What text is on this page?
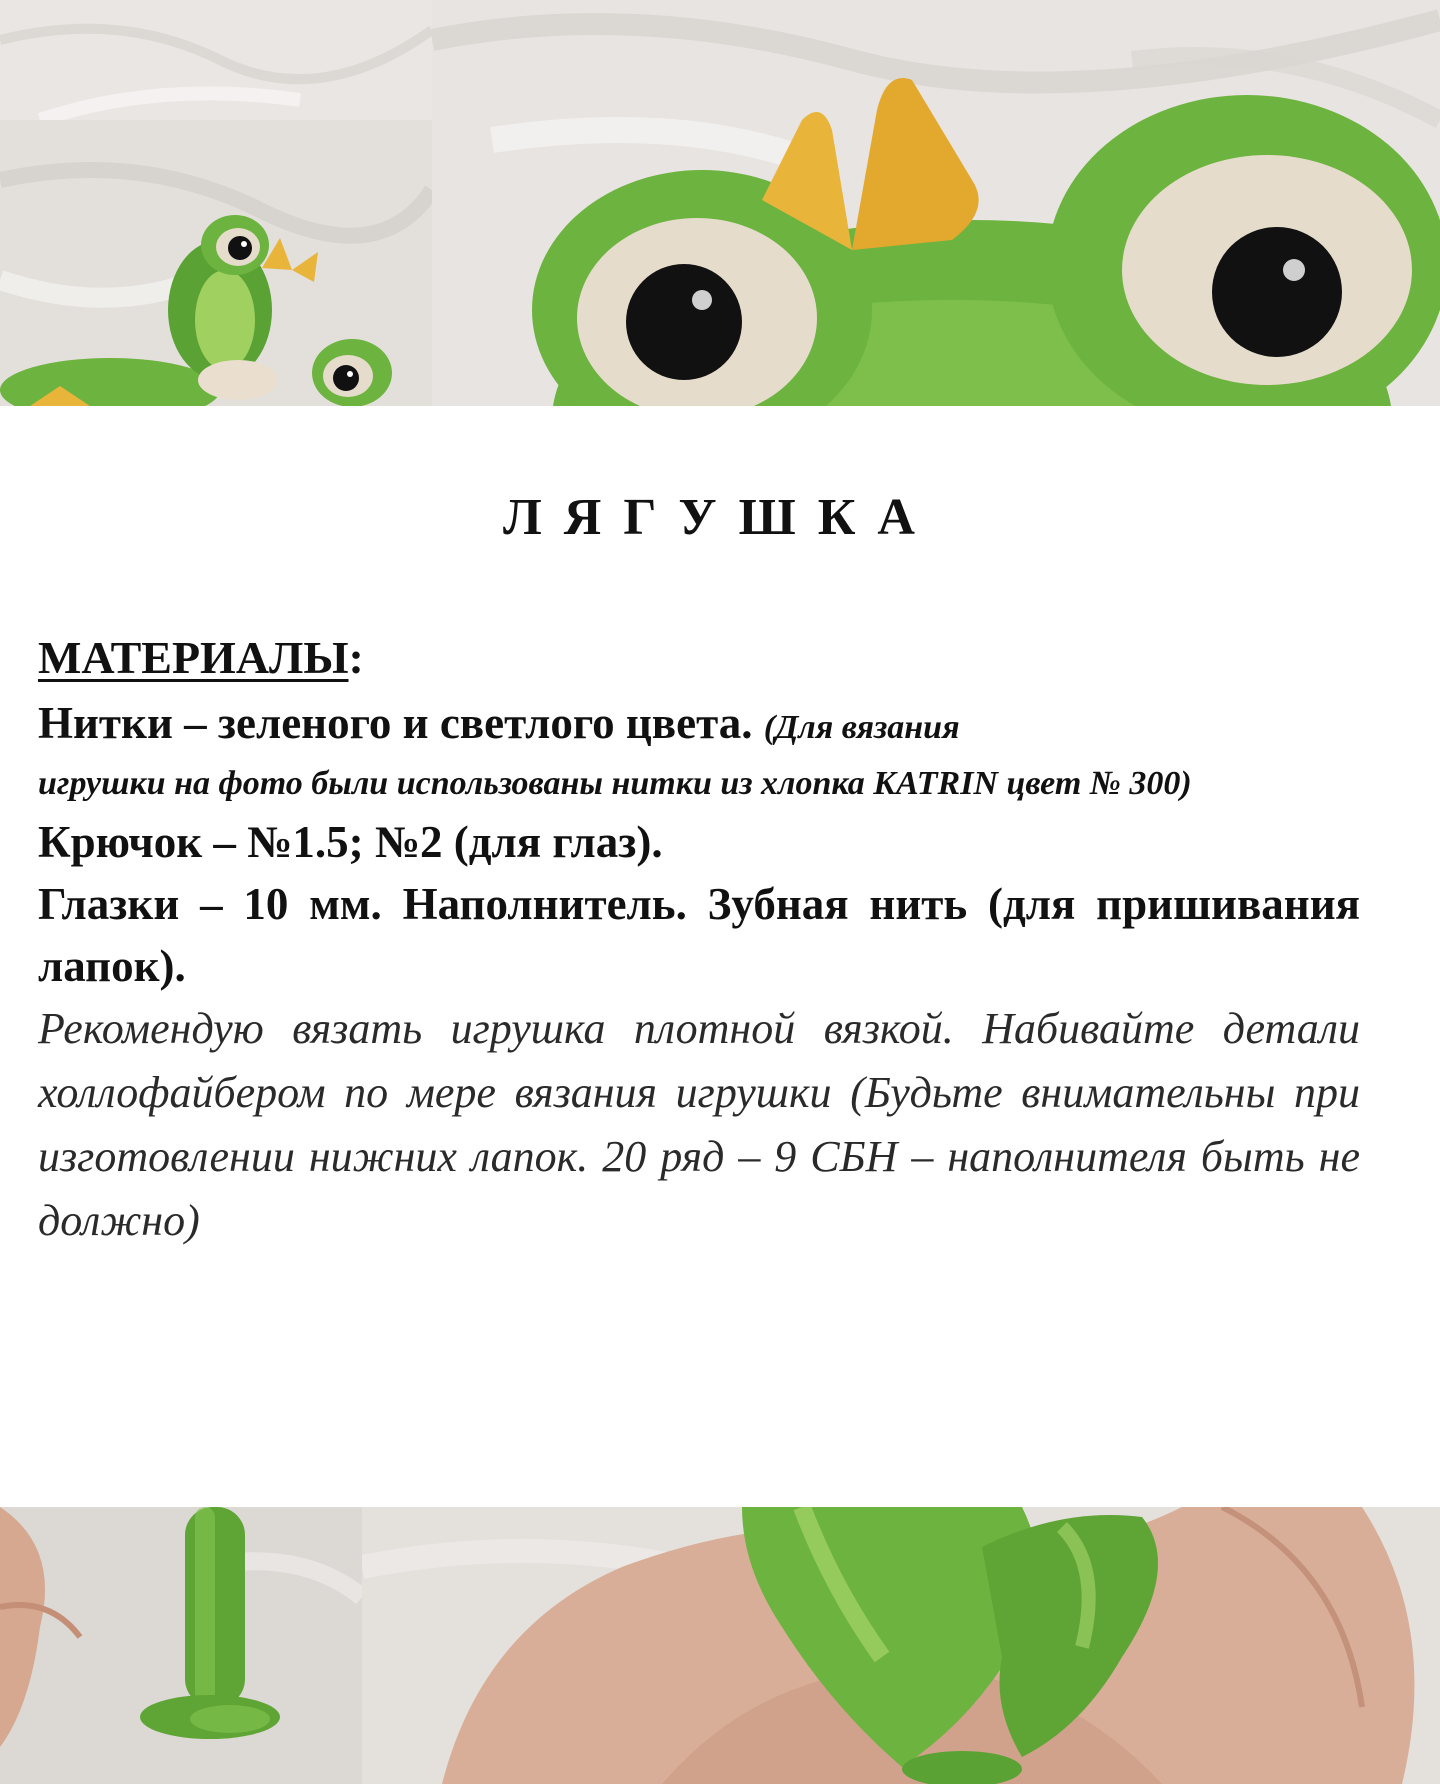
ЛЯГУШКА
МАТЕРИАЛЫ:
Нитки – зеленого и светлого цвета. (Для вязания
игрушки на фото были использованы нитки из хлопка KATRIN цвет № 300)
Крючок – №1.5; №2 (для глаз).
Глазки – 10 мм. Наполнитель. Зубная нить (для пришивания лапок).
Рекомендую вязать игрушка плотной вязкой. Набивайте детали холлофайбером по мере вязания игрушки (Будьте внимательны при изготовлении нижних лапок. 20 ряд – 9 СБН – наполнителя быть не должно)
